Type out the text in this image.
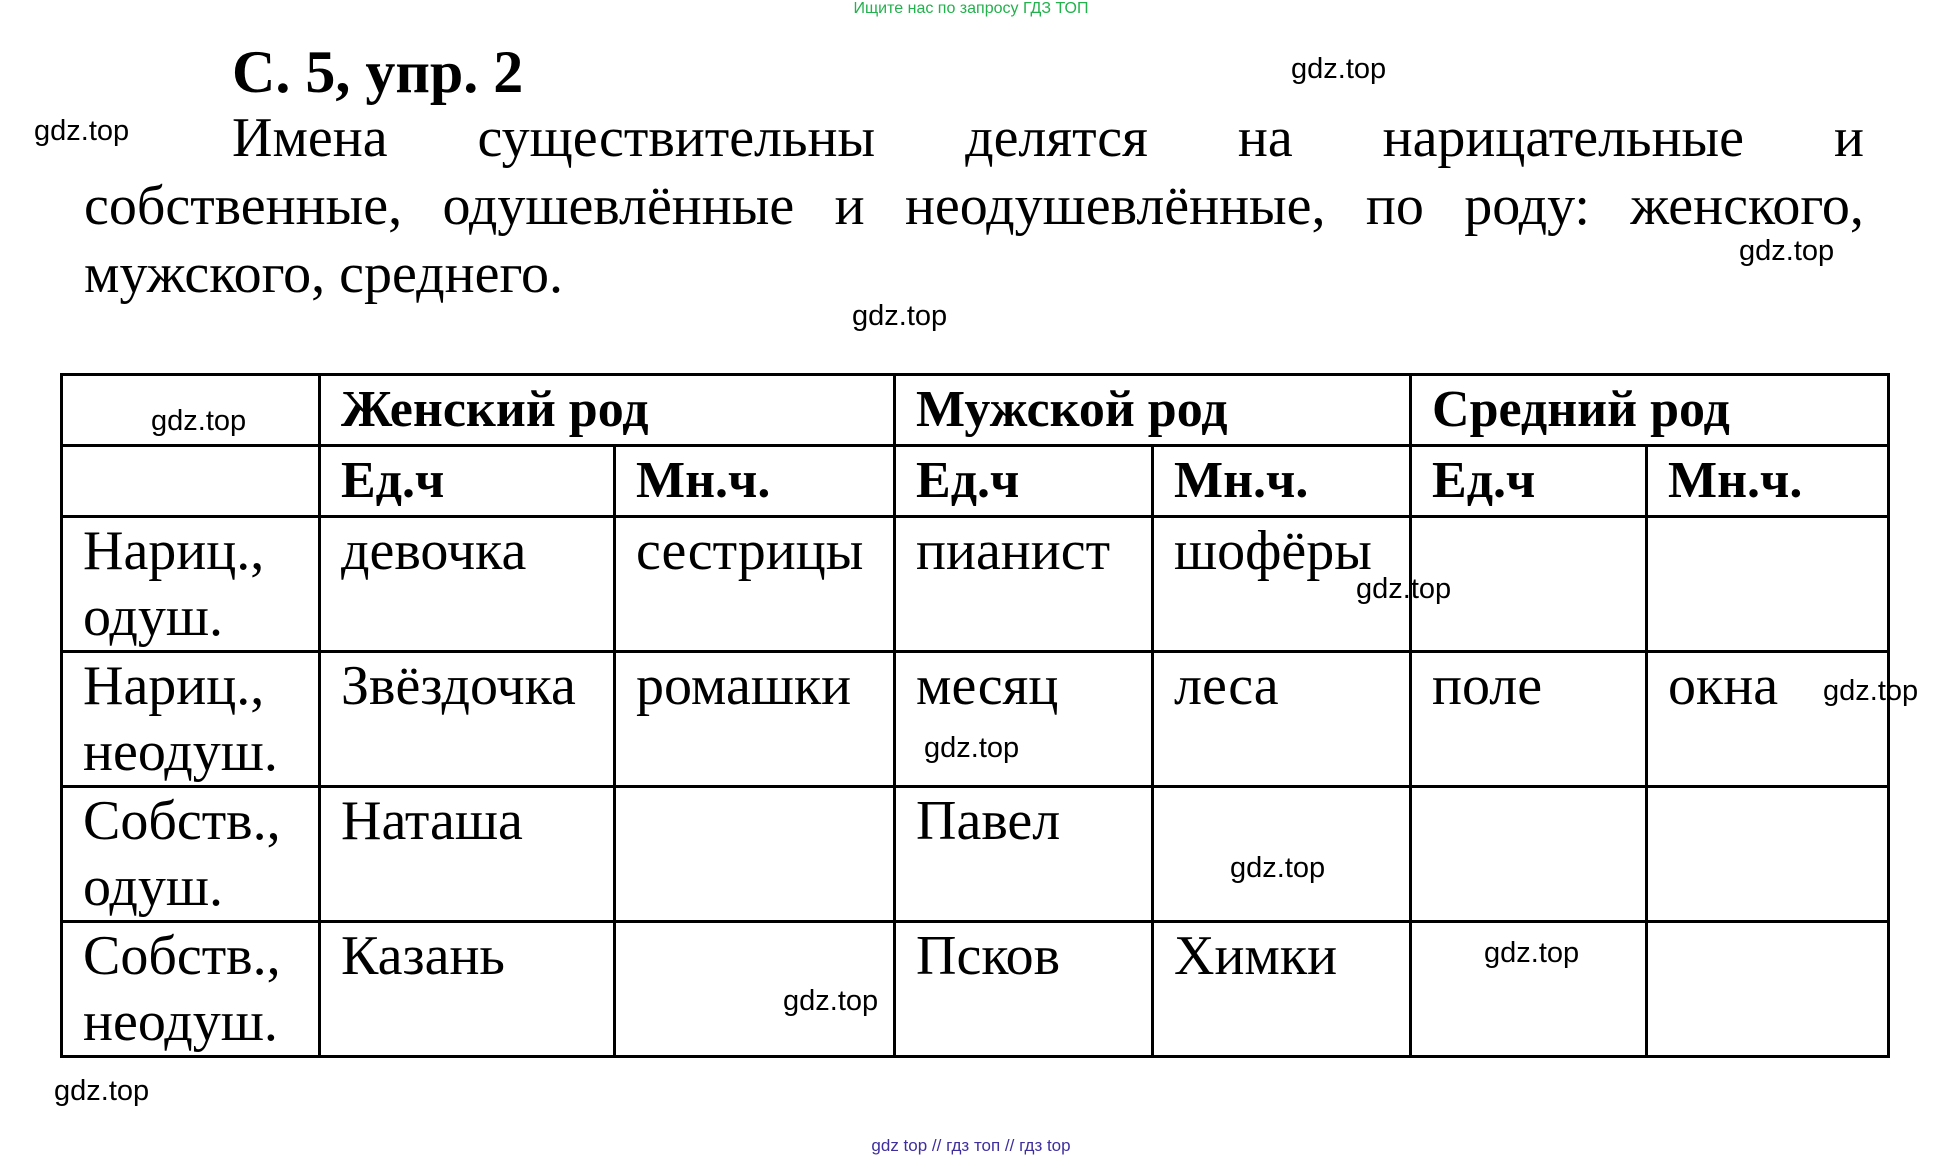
Ищите нас по запросу ГДЗ ТОП
С. 5, упр. 2
Имена существительны делятся на нарицательные и
собственные, одушевлённые и неодушевлённые, по роду: женского,
мужского, среднего.
	Женский род		Мужской род		Средний род	
	Ед.ч	Мн.ч.	Ед.ч	Мн.ч.	Ед.ч	Мн.ч.
Нариц.,
одуш.	девочка	сестрицы	пианист	шофёры		
Нариц.,
неодуш.	Звёздочка	ромашки	месяц	леса	поле	окна
Собств.,
одуш.	Наташа		Павел			
Собств.,
неодуш.	Казань		Псков	Химки		
gdz.top
gdz.top
gdz.top
gdz.top
gdz.top
gdz.top
gdz.top
gdz.top
gdz.top
gdz.top
gdz.top
gdz.top
gdz top // гдз топ // гдз top
